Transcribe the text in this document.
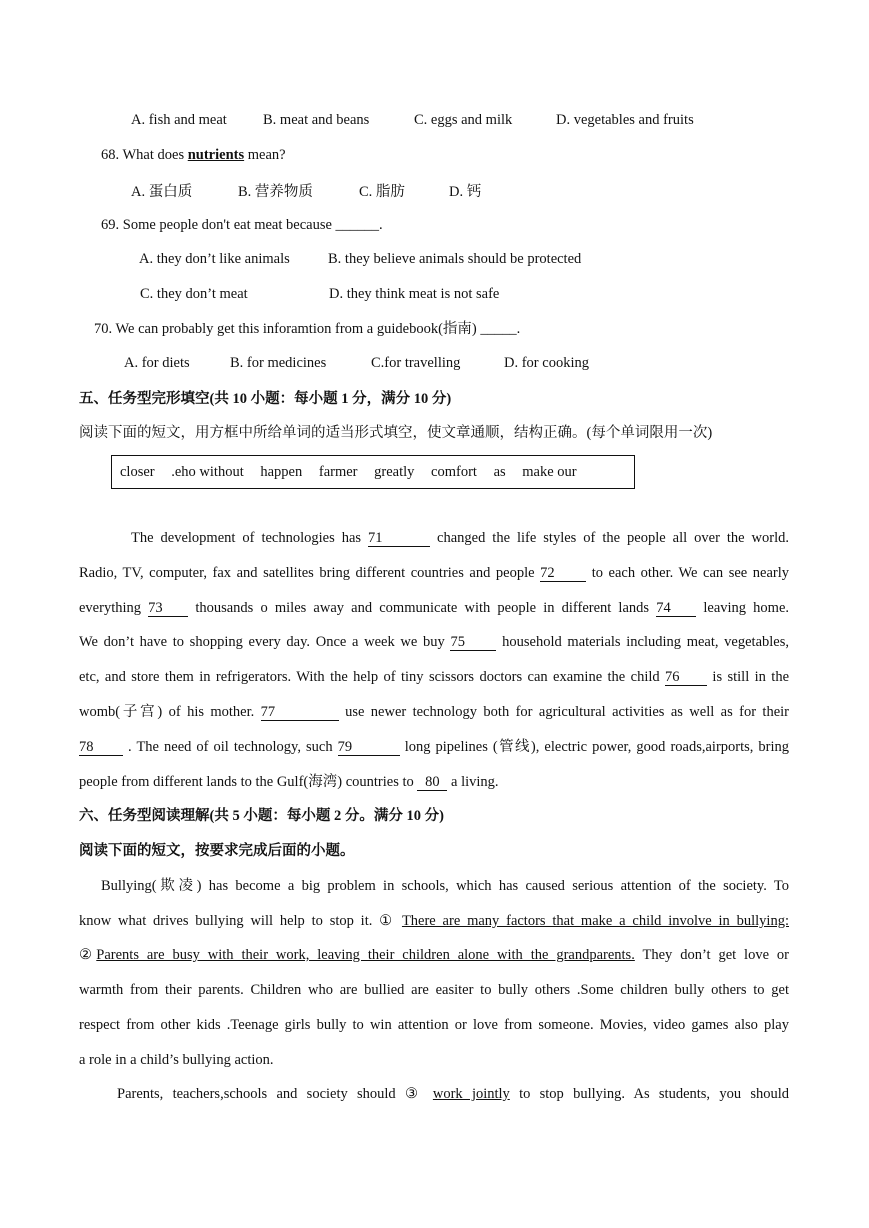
A. fish and meat B. meat and beans	C. eggs and milk	D. vegetables and fruits
68. What does nutrients mean?
A. 蛋白质	B. 营养物质	C. 脂肪	D. 钙
69. Some people don't eat meat because ______.
A. they don’t like animals	B. they believe animals should be protected
C. they don’t meat	D. they think meat is not safe
70. We can probably get this inforamtion from a guidebook(指南) _____.
A. for diets	B. for medicines	C.for travelling	D. for cooking
五、任务型完形填空(共 10 小题：每小题 1 分，满分 10 分)
阅读下面的短文，用方框中所给单词的适当形式填空，使文章通顺，结构正确。(每个单词限用一次)
closer .eho without happen farmer greatly comfort as make our
The development of technologies has 71	changed the life styles of the people all over the world.
Radio, TV, computer, fax and satellites bring different countries and people 72	to each other. We can see nearly
everything 73 thousands o miles away and communicate with people in different lands 74 leaving home.
We don’t have to shopping every day. Once a week we buy 75	household materials including meat, vegetables,
etc, and store them in refrigerators. With the help of tiny scissors doctors can examine the child 76 is still in the
womb(子宫) of his mother. 77	use newer technology both for agricultural activities as well as for their
78 . The need of oil technology, such 79	long pipelines (管线), electric power, good roads,airports, bring
people from different lands to the Gulf(海湾) countries to 80 a living.
六、任务型阅读理解(共 5 小题：每小题 2 分。满分 10 分)
阅读下面的短文，按要求完成后面的小题。
Bullying(欺凌) has become a big problem in schools, which has caused serious attention of the society. To
know what drives bullying will help to stop it. ① There are many factors that make a child involve in bullying:
②Parents are busy with their work, leaving their children alone with the grandparents. They don’t get love or
warmth from their parents. Children who are bullied are easiter to bully others .Some children bully others to get
respect from other kids .Teenage girls bully to win attention or love from someone. Movies, video games also play
a role in a child’s bullying action.
Parents, teachers,schools and society should ③ work jointly to stop bullying. As students, you should
